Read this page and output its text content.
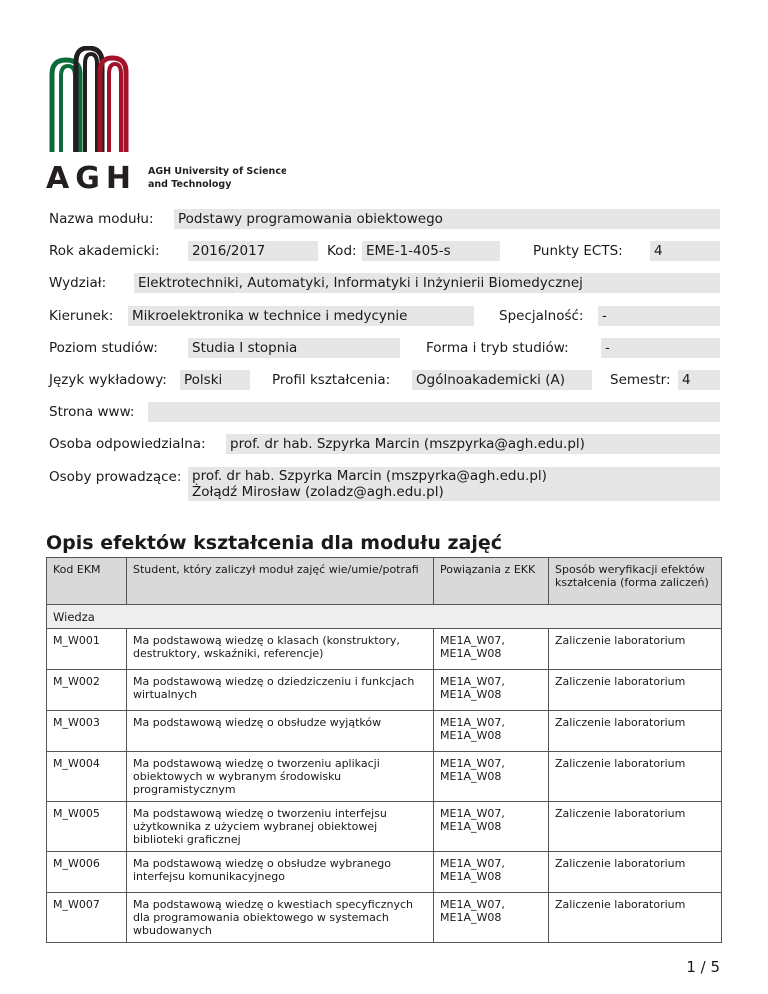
AGH AGH University of Science
and Technology
Nazwa modułu: Podstawy programowania obiektowego
Rok akademicki: 2016/2017	Kod: EME-1-405-s	Punkty ECTS: 4
Wydział: Elektrotechniki, Automatyki, Informatyki i Inżynierii Biomedycznej
Kierunek: Mikroelektronika w technice i medycynie	Specjalność: -
Poziom studiów:	Studia I stopnia	Forma i tryb studiów:	-
Język wykładowy: Polski	Profil kształcenia: Ogólnoakademicki (A)	Semestr: 4
Strona www:
Osoba odpowiedzialna: prof. dr hab. Szpyrka Marcin (mszpyrka@agh.edu.pl)
Osoby prowadzące: prof. dr hab. Szpyrka Marcin (mszpyrka@agh.edu.pl)
Żołądź Mirosław (zoladz@agh.edu.pl)
Opis efektów kształcenia dla modułu zajęć
Kod EKM	Student, który zaliczył moduł zajęć wie/umie/potrafi	Powiązania z EKK	Sposób weryfikacji efektów kształcenia (forma zaliczeń)
Wiedza			
M_W001	Ma podstawową wiedzę o klasach (konstruktory, destruktory, wskaźniki, referencje)	ME1A_W07, ME1A_W08	Zaliczenie laboratorium
M_W002	Ma podstawową wiedzę o dziedziczeniu i funkcjach wirtualnych	ME1A_W07, ME1A_W08	Zaliczenie laboratorium
M_W003	Ma podstawową wiedzę o obsłudze wyjątków	ME1A_W07, ME1A_W08	Zaliczenie laboratorium
M_W004	Ma podstawową wiedzę o tworzeniu aplikacji obiektowych w wybranym środowisku programistycznym	ME1A_W07, ME1A_W08	Zaliczenie laboratorium
M_W005	Ma podstawową wiedzę o tworzeniu interfejsu użytkownika z użyciem wybranej obiektowej biblioteki graficznej	ME1A_W07, ME1A_W08	Zaliczenie laboratorium
M_W006	Ma podstawową wiedzę o obsłudze wybranego interfejsu komunikacyjnego	ME1A_W07, ME1A_W08	Zaliczenie laboratorium
M_W007	Ma podstawową wiedzę o kwestiach specyficznych dla programowania obiektowego w systemach wbudowanych	ME1A_W07, ME1A_W08	Zaliczenie laboratorium
1 / 5
